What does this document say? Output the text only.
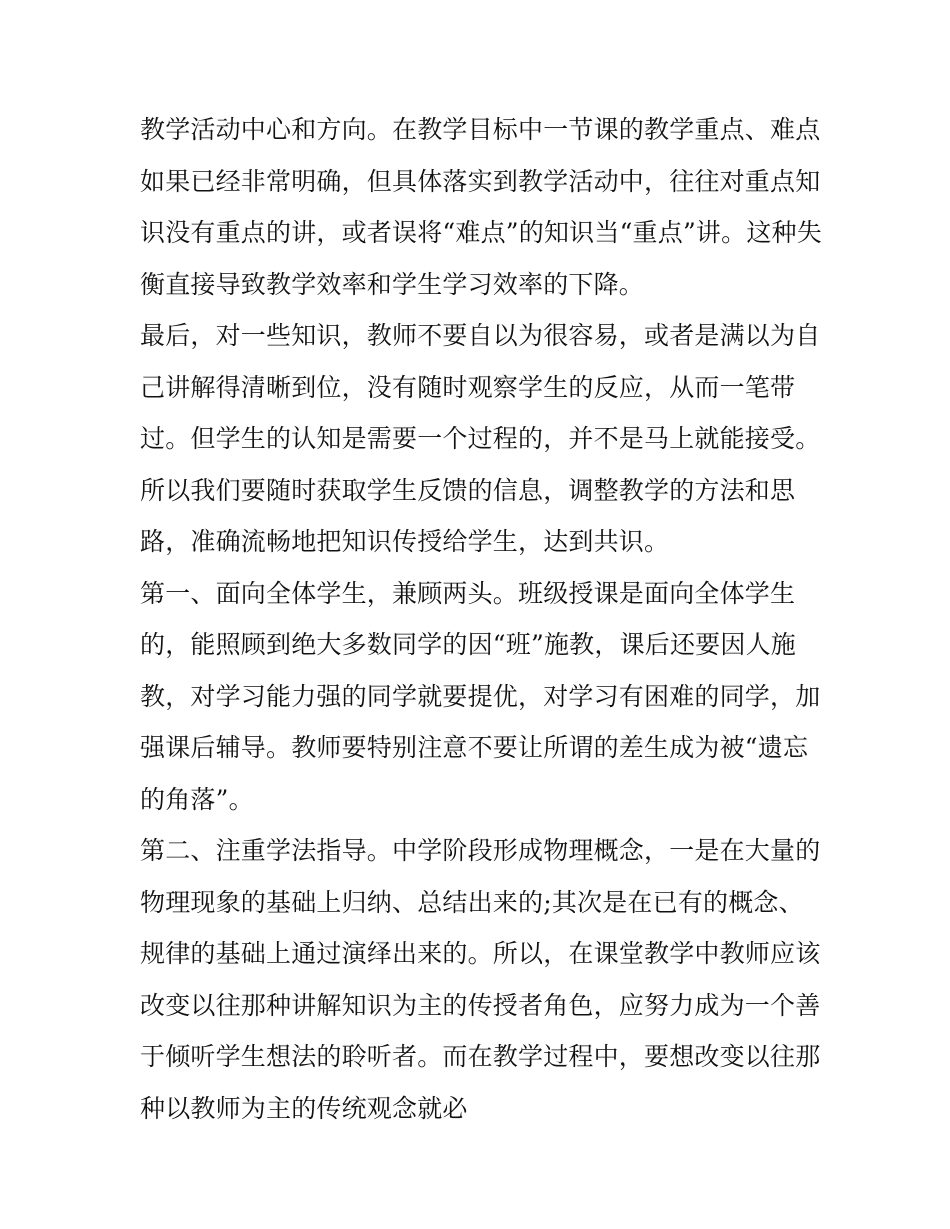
教学活动中心和方向。在教学目标中一节课的教学重点、难点
如果已经非常明确，但具体落实到教学活动中，往往对重点知
识没有重点的讲，或者误将“难点”的知识当“重点”讲。这种失
衡直接导致教学效率和学生学习效率的下降。
最后，对一些知识，教师不要自以为很容易，或者是满以为自
己讲解得清晰到位，没有随时观察学生的反应，从而一笔带
过。但学生的认知是需要一个过程的，并不是马上就能接受。
所以我们要随时获取学生反馈的信息，调整教学的方法和思
路，准确流畅地把知识传授给学生，达到共识。
第一、面向全体学生，兼顾两头。班级授课是面向全体学生
的，能照顾到绝大多数同学的因“班”施教，课后还要因人施
教，对学习能力强的同学就要提优，对学习有困难的同学，加
强课后辅导。教师要特别注意不要让所谓的差生成为被“遗忘
的角落”。
第二、注重学法指导。中学阶段形成物理概念，一是在大量的
物理现象的基础上归纳、总结出来的;其次是在已有的概念、
规律的基础上通过演绎出来的。所以，在课堂教学中教师应该
改变以往那种讲解知识为主的传授者角色，应努力成为一个善
于倾听学生想法的聆听者。而在教学过程中，要想改变以往那
种以教师为主的传统观念就必
